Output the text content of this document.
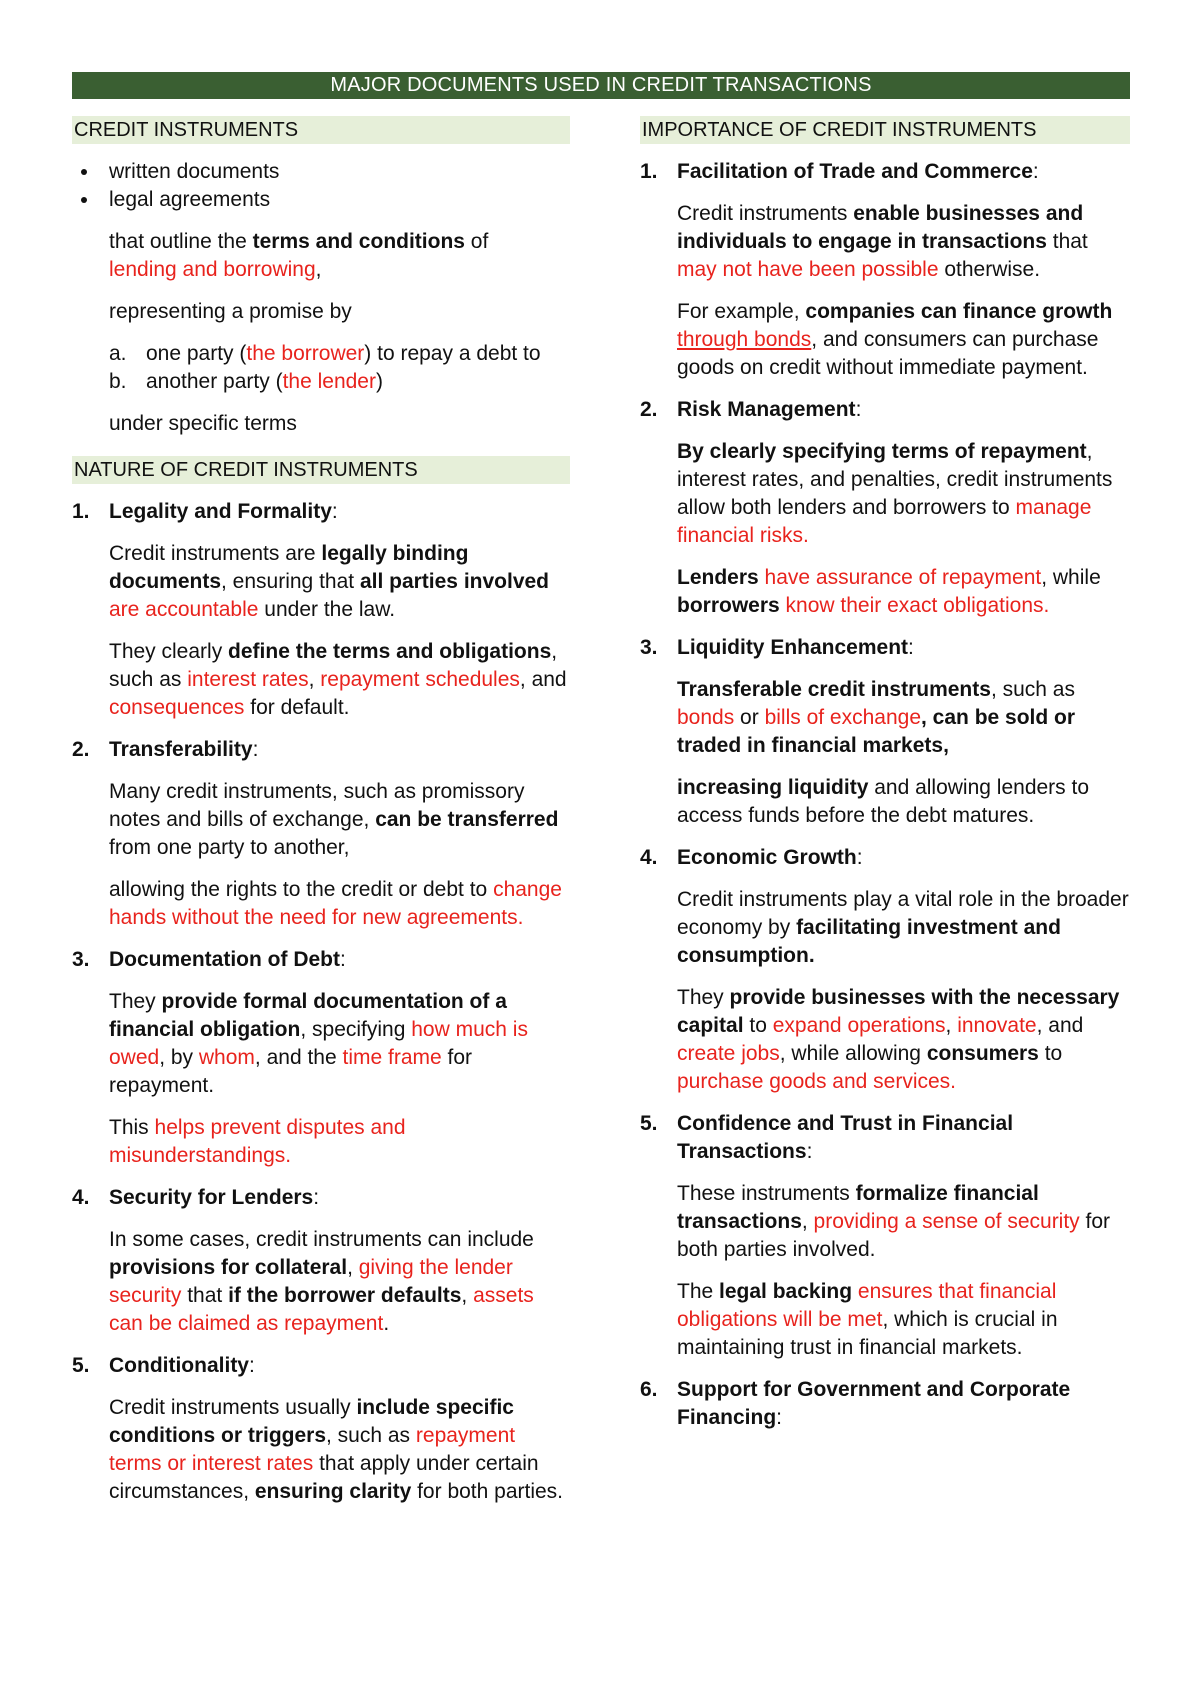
MAJOR DOCUMENTS USED IN CREDIT TRANSACTIONS
CREDIT INSTRUMENTS
written documents
legal agreements
that outline the terms and conditions of
lending and borrowing,
representing a promise by
a. one party (the borrower) to repay a debt to
b. another party (the lender)
under specific terms
NATURE OF CREDIT INSTRUMENTS
1. Legality and Formality:
Credit instruments are legally binding documents, ensuring that all parties involved are accountable under the law.
They clearly define the terms and obligations, such as interest rates, repayment schedules, and consequences for default.
2. Transferability:
Many credit instruments, such as promissory notes and bills of exchange, can be transferred from one party to another,
allowing the rights to the credit or debt to change hands without the need for new agreements.
3. Documentation of Debt:
They provide formal documentation of a financial obligation, specifying how much is owed, by whom, and the time frame for repayment.
This helps prevent disputes and misunderstandings.
4. Security for Lenders:
In some cases, credit instruments can include provisions for collateral, giving the lender security that if the borrower defaults, assets can be claimed as repayment.
5. Conditionality:
Credit instruments usually include specific conditions or triggers, such as repayment terms or interest rates that apply under certain circumstances, ensuring clarity for both parties.
IMPORTANCE OF CREDIT INSTRUMENTS
1. Facilitation of Trade and Commerce:
Credit instruments enable businesses and individuals to engage in transactions that may not have been possible otherwise.
For example, companies can finance growth through bonds, and consumers can purchase goods on credit without immediate payment.
2. Risk Management:
By clearly specifying terms of repayment, interest rates, and penalties, credit instruments allow both lenders and borrowers to manage financial risks.
Lenders have assurance of repayment, while borrowers know their exact obligations.
3. Liquidity Enhancement:
Transferable credit instruments, such as bonds or bills of exchange, can be sold or traded in financial markets,
increasing liquidity and allowing lenders to access funds before the debt matures.
4. Economic Growth:
Credit instruments play a vital role in the broader economy by facilitating investment and consumption.
They provide businesses with the necessary capital to expand operations, innovate, and create jobs, while allowing consumers to purchase goods and services.
5. Confidence and Trust in Financial Transactions:
These instruments formalize financial transactions, providing a sense of security for both parties involved.
The legal backing ensures that financial obligations will be met, which is crucial in maintaining trust in financial markets.
6. Support for Government and Corporate Financing:
